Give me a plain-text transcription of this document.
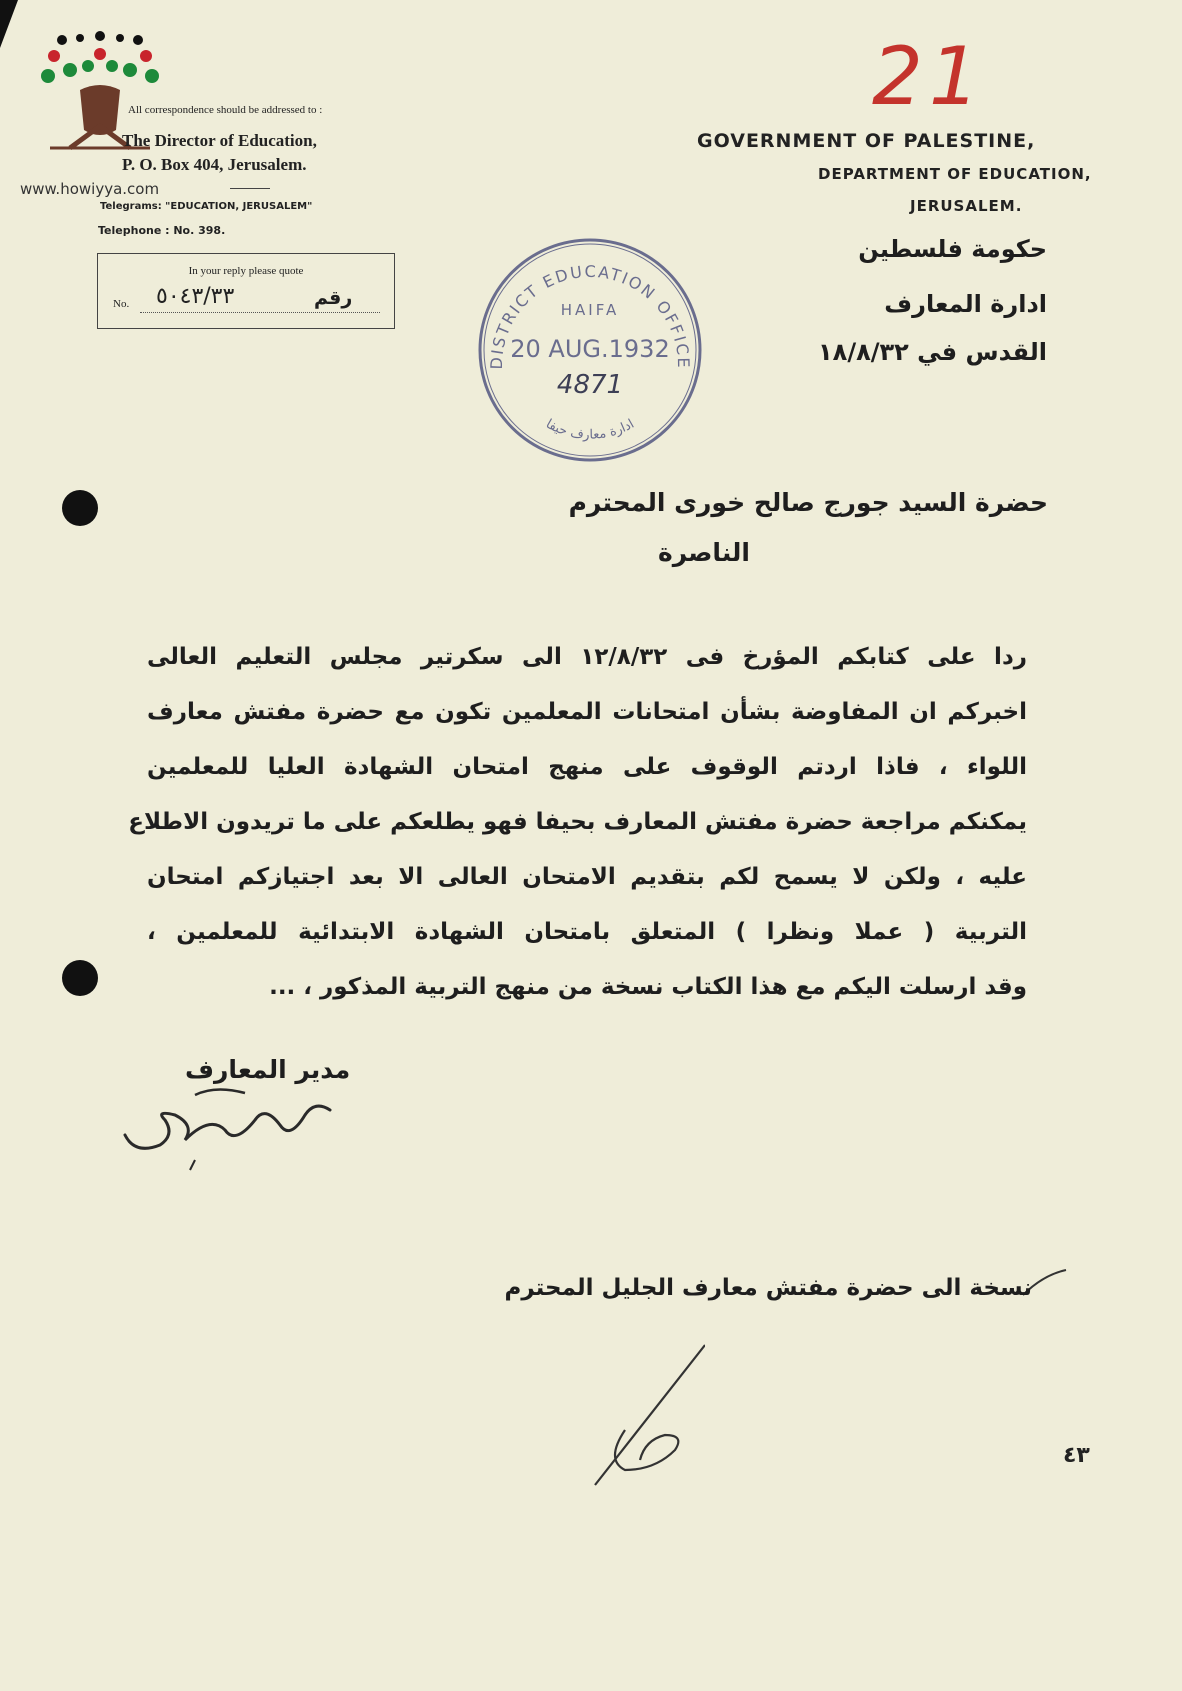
www.howiyya.com
All correspondence should be addressed to :
The Director of Education,
P. O. Box 404, Jerusalem.
Telegrams: "EDUCATION, JERUSALEM"
Telephone : No. 398.
In your reply please quote
No. ٥٠٤٣/٣٣	رقم
21
GOVERNMENT OF PALESTINE,
DEPARTMENT OF EDUCATION,
JERUSALEM.
حكومة فلسطين
ادارة المعارف
القدس في ١٨/٨/٣٢
DISTRICT EDUCATION OFFICE
ادارة معارف حيفا
HAIFA
20 AUG.1932
4871
حضرة السيد جورج صالح خورى المحترم
الناصرة
ردا على كتابكم المؤرخ فى ١٢/٨/٣٢ الى سكرتير مجلس التعليم العالى
اخبركم ان المفاوضة بشأن امتحانات المعلمين تكون مع حضرة مفتش معارف
اللواء ، فاذا اردتم الوقوف على منهج امتحان الشهادة العليا للمعلمين
يمكنكم مراجعة حضرة مفتش المعارف بحيفا فهو يطلعكم على ما تريدون الاطلاع
عليه ، ولكن لا يسمح لكم بتقديم الامتحان العالى الا بعد اجتيازكم امتحان
التربية ( عملا ونظرا ) المتعلق بامتحان الشهادة الابتدائية للمعلمين ،
وقد ارسلت اليكم مع هذا الكتاب نسخة من منهج التربية المذكور ، ...
مدير المعارف
نسخة الى حضرة مفتش معارف الجليل المحترم
٤٣
